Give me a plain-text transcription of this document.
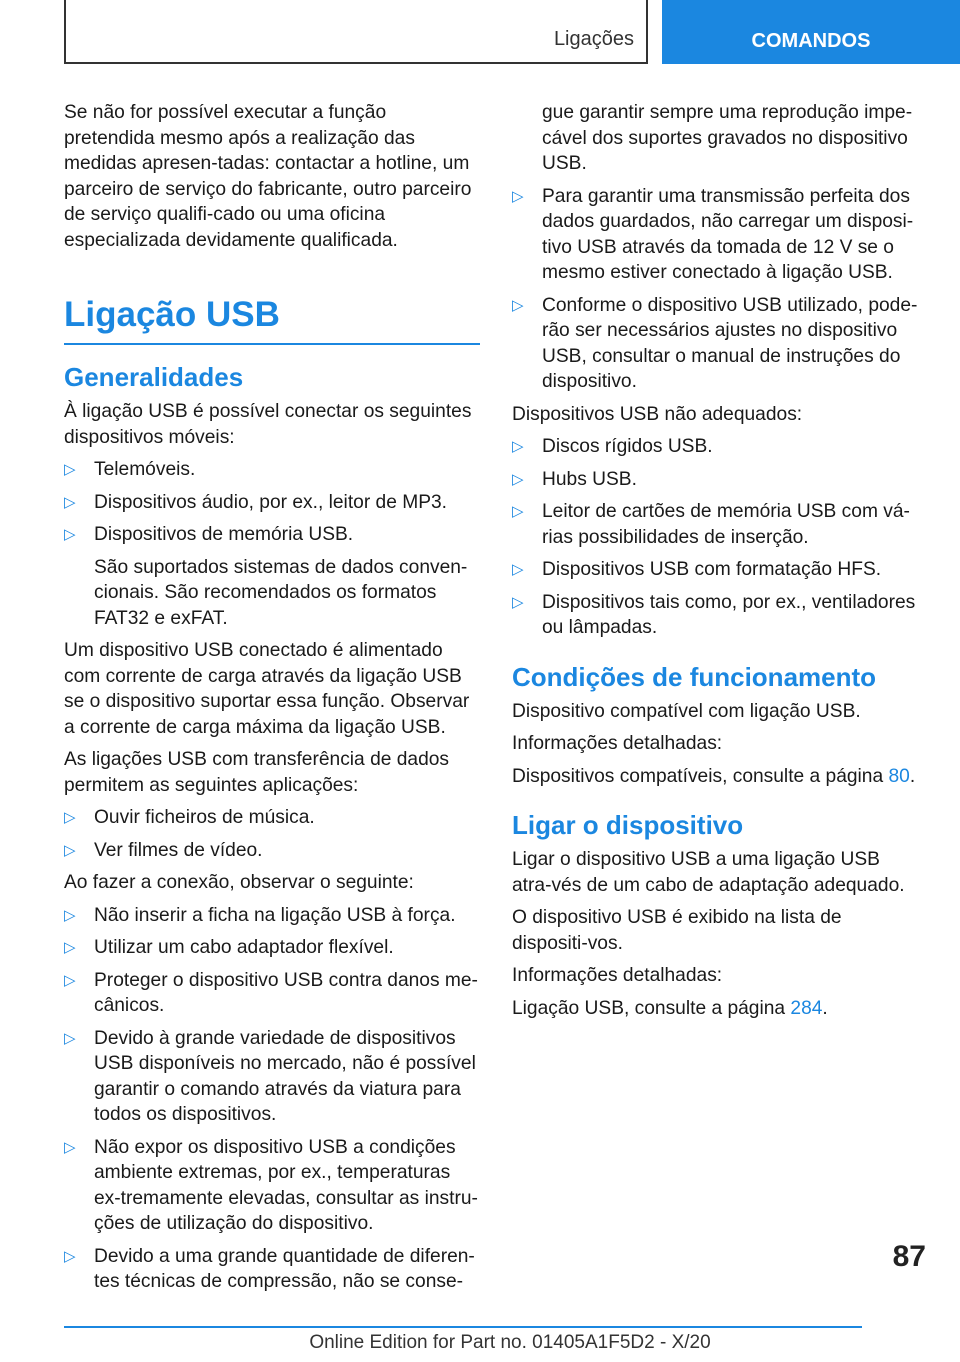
Ligações	COMANDOS

Se não for possível executar a função pretendida mesmo após a realização das medidas apresen-tadas: contactar a hotline, um parceiro de serviço do fabricante, outro parceiro de serviço qualifi-cado ou uma oficina especializada devidamente qualificada.

Ligação USB
Generalidades

À ligação USB é possível conectar os seguintes dispositivos móveis:

▷ Telemóveis.
▷ Dispositivos áudio, por ex., leitor de MP3.
▷ Dispositivos de memória USB.
São suportados sistemas de dados conven-cionais. São recomendados os formatos FAT32 e exFAT.

Um dispositivo USB conectado é alimentado com corrente de carga através da ligação USB se o dispositivo suportar essa função. Observar a corrente de carga máxima da ligação USB.

As ligações USB com transferência de dados permitem as seguintes aplicações:

▷ Ouvir ficheiros de música.
▷ Ver filmes de vídeo.

Ao fazer a conexão, observar o seguinte:

▷ Não inserir a ficha na ligação USB à força.
▷ Utilizar um cabo adaptador flexível.
▷ Proteger o dispositivo USB contra danos me-cânicos.
▷ Devido à grande variedade de dispositivos USB disponíveis no mercado, não é possível garantir o comando através da viatura para todos os dispositivos.
▷ Não expor os dispositivo USB a condições ambiente extremas, por ex., temperaturas ex-tremamente elevadas, consultar as instru-ções de utilização do dispositivo.
▷ Devido a uma grande quantidade de diferen-tes técnicas de compressão, não se conse-

gue garantir sempre uma reprodução impe-cável dos suportes gravados no dispositivo USB.

▷ Para garantir uma transmissão perfeita dos dados guardados, não carregar um disposi-tivo USB através da tomada de 12 V se o mesmo estiver conectado à ligação USB.
▷ Conforme o dispositivo USB utilizado, pode-rão ser necessários ajustes no dispositivo USB, consultar o manual de instruções do dispositivo.

Dispositivos USB não adequados:

▷ Discos rígidos USB.
▷ Hubs USB.
▷ Leitor de cartões de memória USB com vá-rias possibilidades de inserção.
▷ Dispositivos USB com formatação HFS.
▷ Dispositivos tais como, por ex., ventiladores ou lâmpadas.
Condições de funcionamento

Dispositivo compatível com ligação USB.

Informações detalhadas:

Dispositivos compatíveis, consulte a página 80.

Ligar o dispositivo

Ligar o dispositivo USB a uma ligação USB atra-vés de um cabo de adaptação adequado.

O dispositivo USB é exibido na lista de dispositi-vos.

Informações detalhadas:

Ligação USB, consulte a página 284.

87
Online Edition for Part no. 01405A1F5D2 - X/20
